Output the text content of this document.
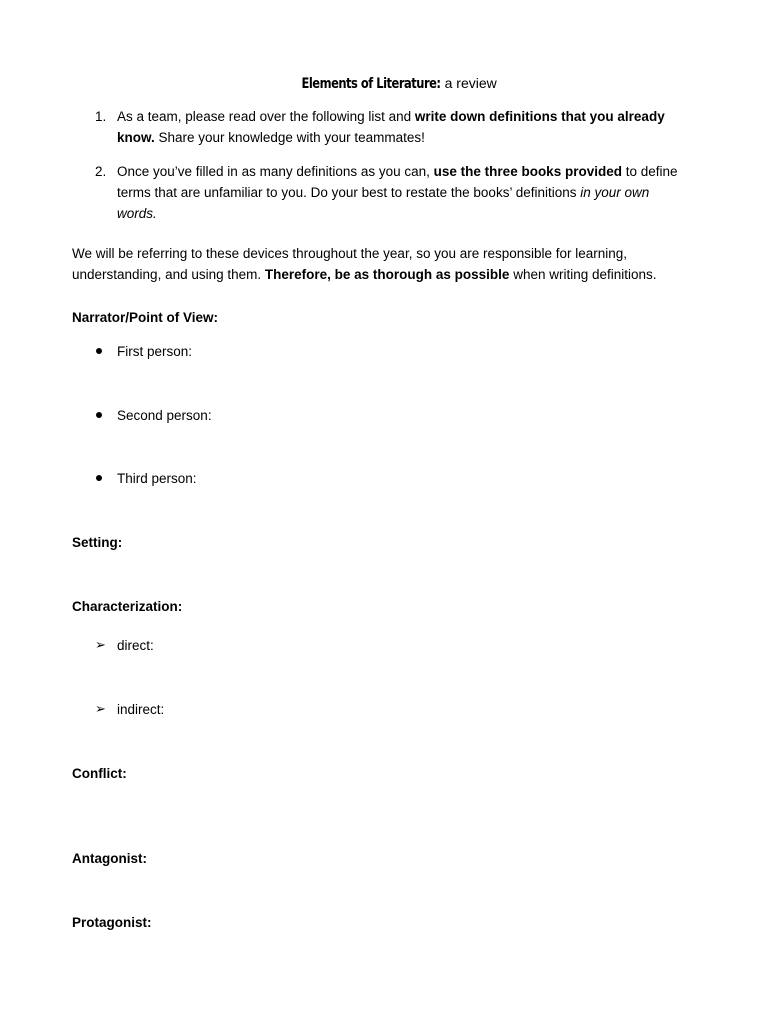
Elements of Literature: a review
1. As a team, please read over the following list and write down definitions that you already know. Share your knowledge with your teammates!
2. Once you’ve filled in as many definitions as you can, use the three books provided to define terms that are unfamiliar to you. Do your best to restate the books’ definitions in your own words.
We will be referring to these devices throughout the year, so you are responsible for learning, understanding, and using them. Therefore, be as thorough as possible when writing definitions.
Narrator/Point of View:
First person:
Second person:
Third person:
Setting:
Characterization:
➢ direct:
➢ indirect:
Conflict:
Antagonist:
Protagonist:
